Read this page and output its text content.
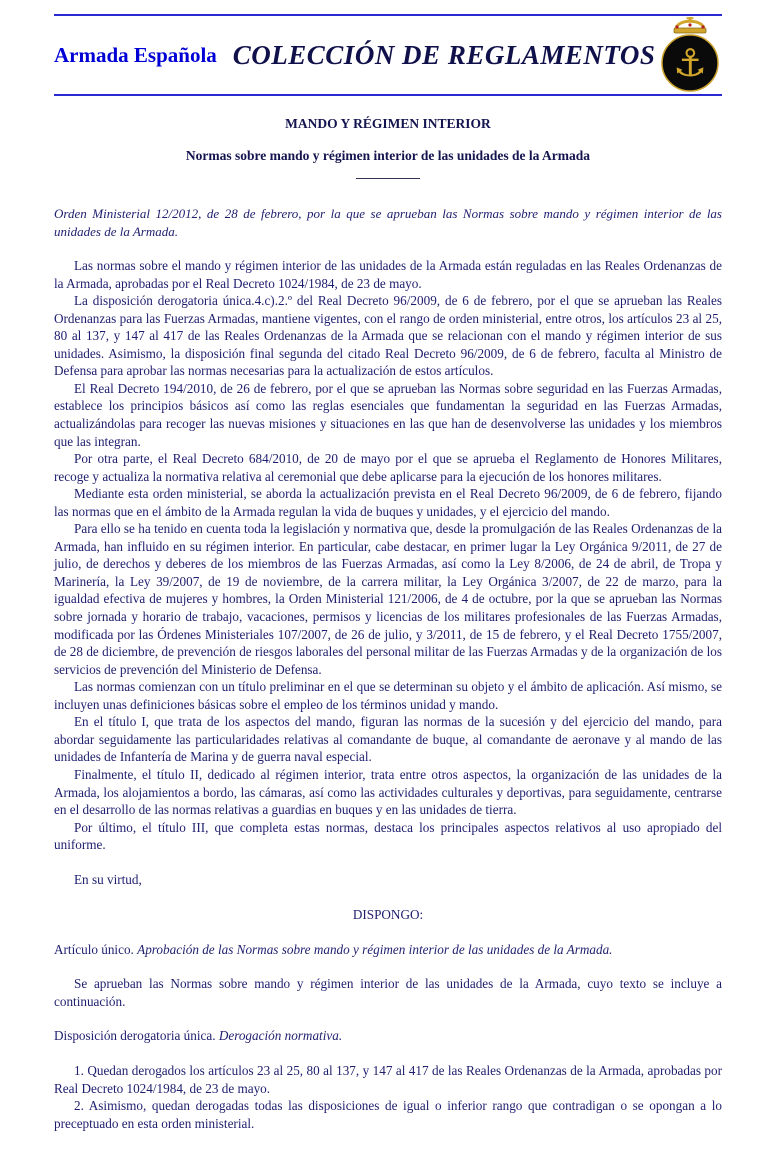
Armada Española COLECCIÓN DE REGLAMENTOS ⚓
MANDO Y RÉGIMEN INTERIOR
Normas sobre mando y régimen interior de las unidades de la Armada

Orden Ministerial 12/2012, de 28 de febrero, por la que se aprueban las Normas sobre mando y régimen interior de las unidades de la Armada.

Las normas sobre el mando y régimen interior de las unidades de la Armada están reguladas en las Reales Ordenanzas de la Armada, aprobadas por el Real Decreto 1024/1984, de 23 de mayo.

La disposición derogatoria única.4.c).2.º del Real Decreto 96/2009, de 6 de febrero, por el que se aprueban las Reales Ordenanzas para las Fuerzas Armadas, mantiene vigentes, con el rango de orden ministerial, entre otros, los artículos 23 al 25, 80 al 137, y 147 al 417 de las Reales Ordenanzas de la Armada que se relacionan con el mando y régimen interior de sus unidades. Asimismo, la disposición final segunda del citado Real Decreto 96/2009, de 6 de febrero, faculta al Ministro de Defensa para aprobar las normas necesarias para la actualización de estos artículos.

El Real Decreto 194/2010, de 26 de febrero, por el que se aprueban las Normas sobre seguridad en las Fuerzas Armadas, establece los principios básicos así como las reglas esenciales que fundamentan la seguridad en las Fuerzas Armadas, actualizándolas para recoger las nuevas misiones y situaciones en las que han de desenvolverse las unidades y los miembros que las integran.

Por otra parte, el Real Decreto 684/2010, de 20 de mayo por el que se aprueba el Reglamento de Honores Militares, recoge y actualiza la normativa relativa al ceremonial que debe aplicarse para la ejecución de los honores militares.

Mediante esta orden ministerial, se aborda la actualización prevista en el Real Decreto 96/2009, de 6 de febrero, fijando las normas que en el ámbito de la Armada regulan la vida de buques y unidades, y el ejercicio del mando.

Para ello se ha tenido en cuenta toda la legislación y normativa que, desde la promulgación de las Reales Ordenanzas de la Armada, han influido en su régimen interior. En particular, cabe destacar, en primer lugar la Ley Orgánica 9/2011, de 27 de julio, de derechos y deberes de los miembros de las Fuerzas Armadas, así como la Ley 8/2006, de 24 de abril, de Tropa y Marinería, la Ley 39/2007, de 19 de noviembre, de la carrera militar, la Ley Orgánica 3/2007, de 22 de marzo, para la igualdad efectiva de mujeres y hombres, la Orden Ministerial 121/2006, de 4 de octubre, por la que se aprueban las Normas sobre jornada y horario de trabajo, vacaciones, permisos y licencias de los militares profesionales de las Fuerzas Armadas, modificada por las Órdenes Ministeriales 107/2007, de 26 de julio, y 3/2011, de 15 de febrero, y el Real Decreto 1755/2007, de 28 de diciembre, de prevención de riesgos laborales del personal militar de las Fuerzas Armadas y de la organización de los servicios de prevención del Ministerio de Defensa.

Las normas comienzan con un título preliminar en el que se determinan su objeto y el ámbito de aplicación. Así mismo, se incluyen unas definiciones básicas sobre el empleo de los términos unidad y mando.

En el título I, que trata de los aspectos del mando, figuran las normas de la sucesión y del ejercicio del mando, para abordar seguidamente las particularidades relativas al comandante de buque, al comandante de aeronave y al mando de las unidades de Infantería de Marina y de guerra naval especial.

Finalmente, el título II, dedicado al régimen interior, trata entre otros aspectos, la organización de las unidades de la Armada, los alojamientos a bordo, las cámaras, así como las actividades culturales y deportivas, para seguidamente, centrarse en el desarrollo de las normas relativas a guardias en buques y en las unidades de tierra.

Por último, el título III, que completa estas normas, destaca los principales aspectos relativos al uso apropiado del uniforme.

En su virtud,

DISPONGO:

Artículo único. Aprobación de las Normas sobre mando y régimen interior de las unidades de la Armada.

Se aprueban las Normas sobre mando y régimen interior de las unidades de la Armada, cuyo texto se incluye a continuación.

Disposición derogatoria única. Derogación normativa.

1. Quedan derogados los artículos 23 al 25, 80 al 137, y 147 al 417 de las Reales Ordenanzas de la Armada, aprobadas por Real Decreto 1024/1984, de 23 de mayo.

2. Asimismo, quedan derogadas todas las disposiciones de igual o inferior rango que contradigan o se opongan a lo preceptuado en esta orden ministerial.
